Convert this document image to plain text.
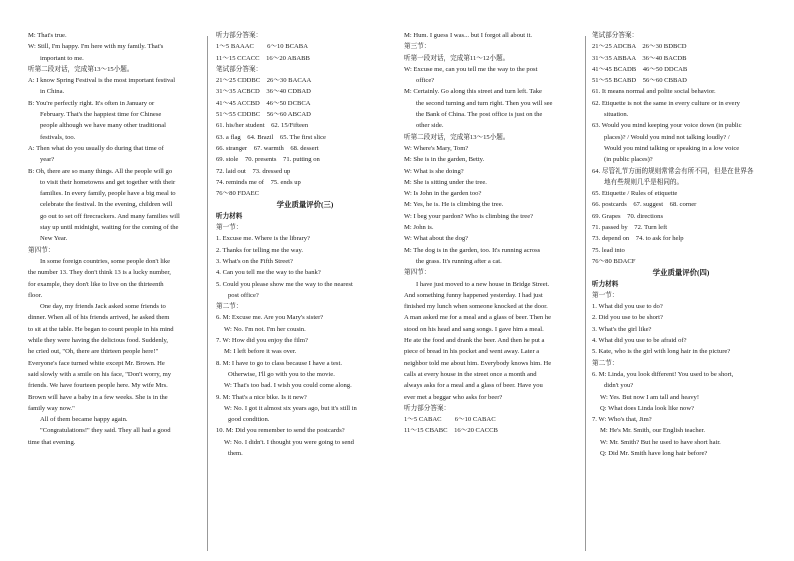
M: That's true.
W: Still, I'm happy. I'm here with my family. That's
important to me.
听第二段对话，完成第13～15小题。
A: I know Spring Festival is the most important festival
in China.
B: You're perfectly right. It's often in January or
February. That's the happiest time for Chinese
people although we have many other traditional
festivals, too.
A: Then what do you usually do during that time of
year?
B: Oh, there are so many things. All the people will go
to visit their hometowns and get together with their
families. In every family, people have a big meal to
celebrate the festival. In the evening, children will
go out to set off firecrackers. And many families will
stay up until midnight, waiting for the coming of the
New Year.
第四节：
In some foreign countries, some people don't like
the number 13. They don't think 13 is a lucky number,
for example, they don't like to live on the thirteenth
floor.
One day, my friends Jack asked some friends to
dinner. When all of his friends arrived, he asked them
to sit at the table. He began to count people in his mind
while they were having the delicious food. Suddenly,
he cried out, "Oh, there are thirteen people here!"
Everyone's face turned white except Mr. Brown. He
said slowly with a smile on his face, "Don't worry, my
friends. We have fourteen people here. My wife Mrs.
Brown will have a baby in a few weeks. She is in the
family way now."
All of them became happy again.
"Congratulations!" they said. They all had a good
time that evening.
听力部分答案：
1～5 BAAAC　　6～10 BCABA
11～15 CCACC　16～20 ABABB
笔试部分答案：
21～25 CDDBC　26～30 BACAA
31～35 ACBCD　36～40 CDBAD
41～45 ACCBD　46～50 DCBCA
51～55 CDDBC　56～60 ABCAD
61. his/her student　62. 15/Fifteen
63. a flag　64. Brazil　65. The first slice
66. stranger　67. warmth　68. dessert
69. stole　70. presents　71. putting on
72. laid out　73. dressed up
74. reminds me of　75. ends up
76～80 FDAEC
学业质量评价(三)
听力材料
第一节：
1. Excuse me. Where is the library?
2. Thanks for telling me the way.
3. What's on the Fifth Street?
4. Can you tell me the way to the bank?
5. Could you please show me the way to the nearest
post office?
第二节：
6. M: Excuse me. Are you Mary's sister?
W: No. I'm not. I'm her cousin.
7. W: How did you enjoy the film?
M: I left before it was over.
8. M: I have to go to class because I have a test.
Otherwise, I'll go with you to the movie.
W: That's too bad. I wish you could come along.
9. M: That's a nice bike. Is it new?
W: No. I got it almost six years ago, but it's still in
good condition.
10. M: Did you remember to send the postcards?
W: No. I didn't. I thought you were going to send
them.
M: Hum. I guess I was... but I forgot all about it.
第三节：
听第一段对话，完成第11～12小题。
W: Excuse me, can you tell me the way to the post
office?
M: Certainly. Go along this street and turn left. Take
the second turning and turn right. Then you will see
the Bank of China. The post office is just on the
other side.
听第二段对话，完成第13～15小题。
W: Where's Mary, Tom?
M: She is in the garden, Betty.
W: What is she doing?
M: She is sitting under the tree.
W: Is John in the garden too?
M: Yes, he is. He is climbing the tree.
W: I beg your pardon? Who is climbing the tree?
M: John is.
W: What about the dog?
M: The dog is in the garden, too. It's running across
the grass. It's running after a cat.
第四节：
I have just moved to a new house in Bridge Street.
And something funny happened yesterday. I had just
finished my lunch when someone knocked at the door.
A man asked me for a meal and a glass of beer. Then he
stood on his head and sang songs. I gave him a meal.
He ate the food and drank the beer. And then he put a
piece of bread in his pocket and went away. Later a
neighbor told me about him. Everybody knows him. He
calls at every house in the street once a month and
always asks for a meal and a glass of beer. Have you
ever met a beggar who asks for beer?
听力部分答案：
1～5 CABAC　　6～10 CABAC
11～15 CBABC　16～20 CACCB
笔试部分答案：
21～25 ADCBA　26～30 BDBCD
31～35 ABBAA　36～40 BACDB
41～45 BCADB　46～50 DDCAB
51～55 BCABD　56～60 CBBAD
61. It means normal and polite social behavior.
62. Etiquette is not the same in every culture or in every
situation.
63. Would you mind keeping your voice down (in public
places)? / Would you mind not talking loudly? /
Would you mind talking or speaking in a low voice
(in public places)?
64. 尽管礼节方面的规则常常会有所不同，但是在世界各
地有些规则几乎是相同的。
65. Etiquette / Rules of etiquette
66. postcards　67. suggest　68. corner
69. Grapes　70. directions
71. passed by　72. Turn left
73. depend on　74. to ask for help
75. lead into
76～80 BDACF
学业质量评价(四)
听力材料
第一节：
1. What did you use to do?
2. Did you use to be short?
3. What's the girl like?
4. What did you use to be afraid of?
5. Kate, who is the girl with long hair in the picture?
第二节：
6. M: Linda, you look different! You used to be short,
didn't you?
W: Yes. But now I am tall and heavy!
Q: What does Linda look like now?
7. W: Who's that, Jim?
M: He's Mr. Smith, our English teacher.
W: Mr. Smith? But he used to have short hair.
Q: Did Mr. Smith have long hair before?
